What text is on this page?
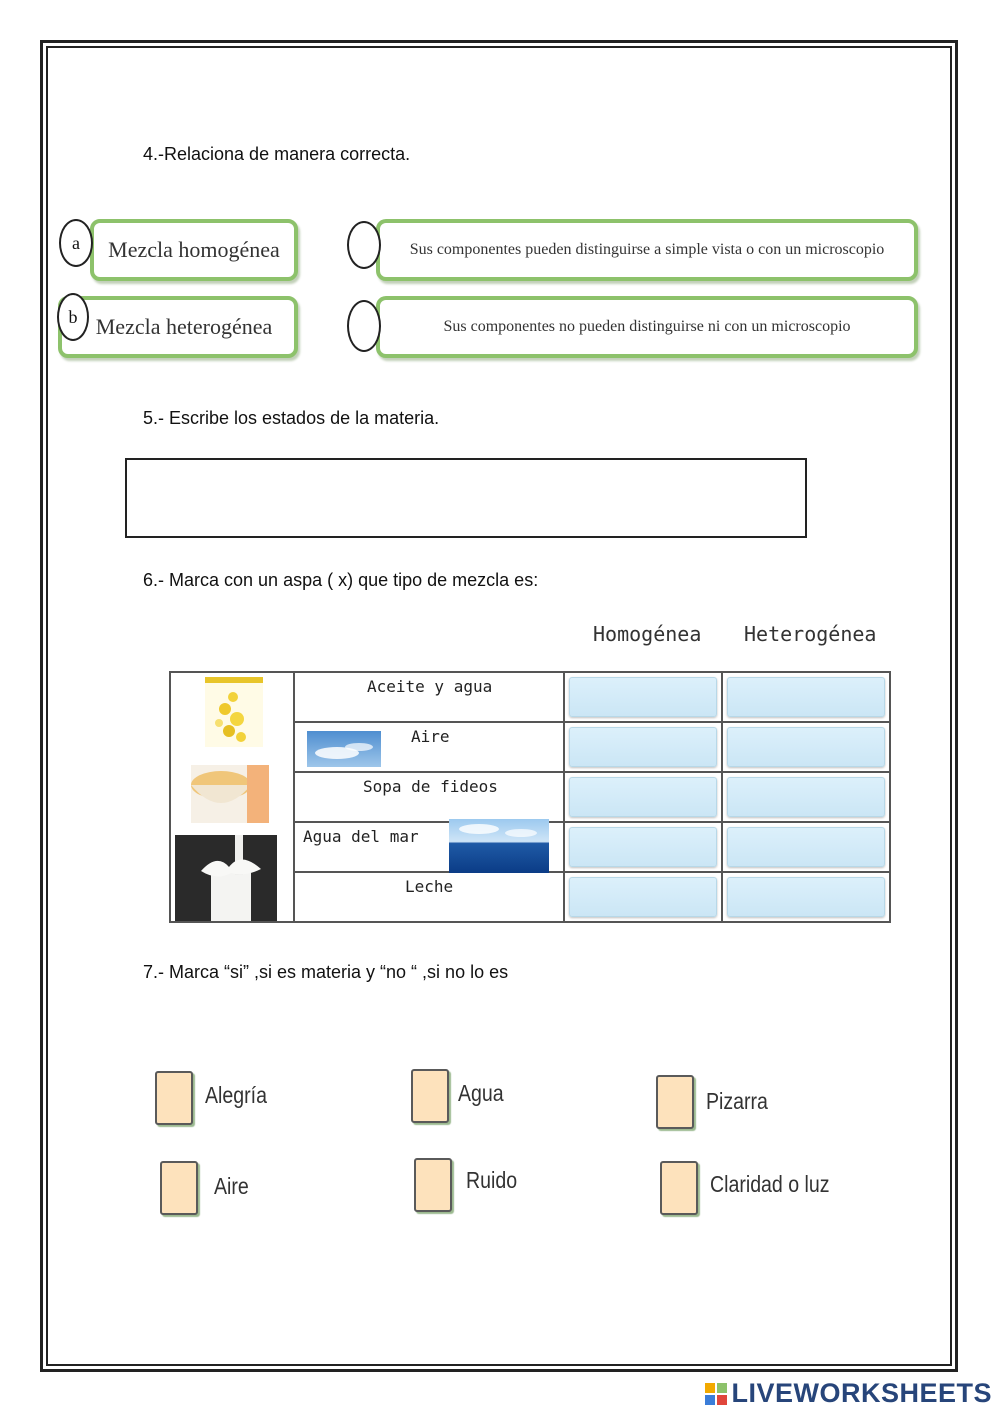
4.-Relaciona de manera correcta.
Mezcla homogénea
a
Mezcla heterogénea
b
Sus componentes pueden distinguirse a simple vista o con un microscopio
Sus componentes no pueden distinguirse ni con un microscopio
5.- Escribe los estados de la materia.
6.- Marca con un aspa ( x) que tipo de mezcla es:
Homogénea Heterogénea

Aceite y agua		

	Aire		

	Sopa de fideos		

	Agua del mar		

	Leche		

7.- Marca “si” ,si es materia y “no “ ,si no lo es
Alegría	Agua	Pizarra
Aire	Ruido	Claridad o luz
LIVEWORKSHEETS
